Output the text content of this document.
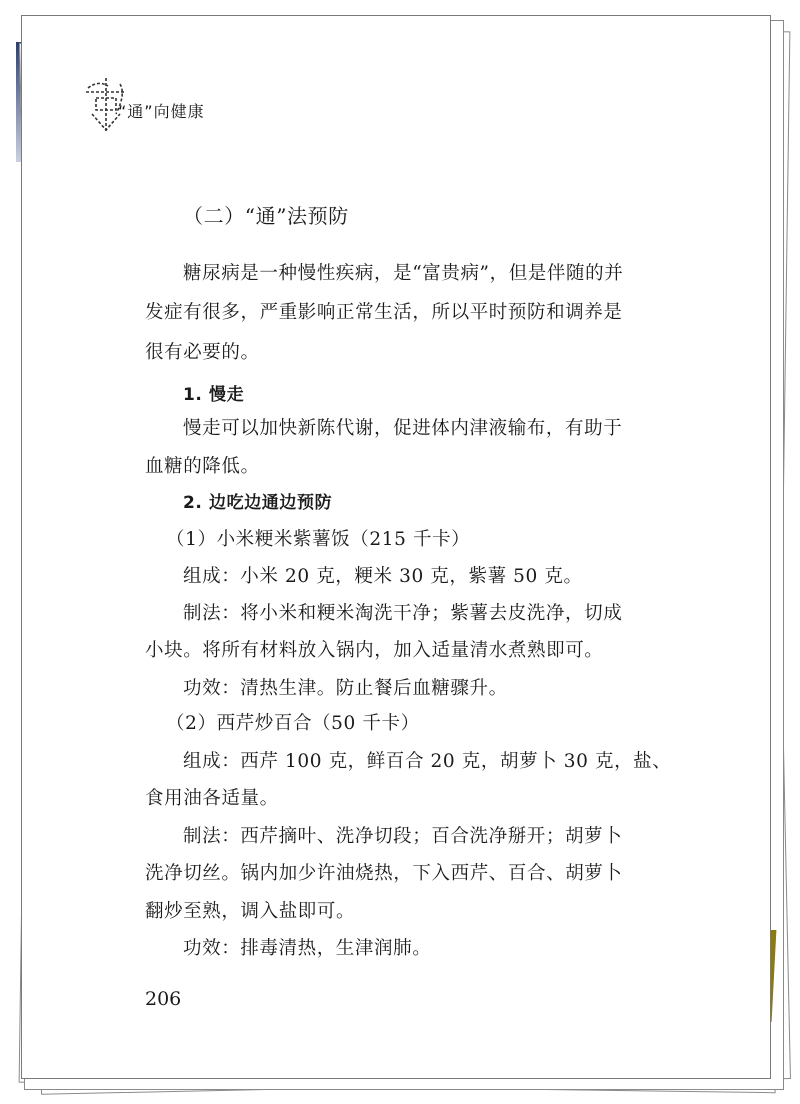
“通”向健康
（二）“通”法预防
糖尿病是一种慢性疾病，是“富贵病”，但是伴随的并
发症有很多，严重影响正常生活，所以平时预防和调养是
很有必要的。
1. 慢走
慢走可以加快新陈代谢，促进体内津液输布，有助于
血糖的降低。
2. 边吃边通边预防
（1）小米粳米紫薯饭（215 千卡）
组成：小米 20 克，粳米 30 克，紫薯 50 克。
制法：将小米和粳米淘洗干净；紫薯去皮洗净，切成
小块。将所有材料放入锅内，加入适量清水煮熟即可。
功效：清热生津。防止餐后血糖骤升。
（2）西芹炒百合（50 千卡）
组成：西芹 100 克，鲜百合 20 克，胡萝卜 30 克，盐、
食用油各适量。
制法：西芹摘叶、洗净切段；百合洗净掰开；胡萝卜
洗净切丝。锅内加少许油烧热，下入西芹、百合、胡萝卜
翻炒至熟，调入盐即可。
功效：排毒清热，生津润肺。
206
